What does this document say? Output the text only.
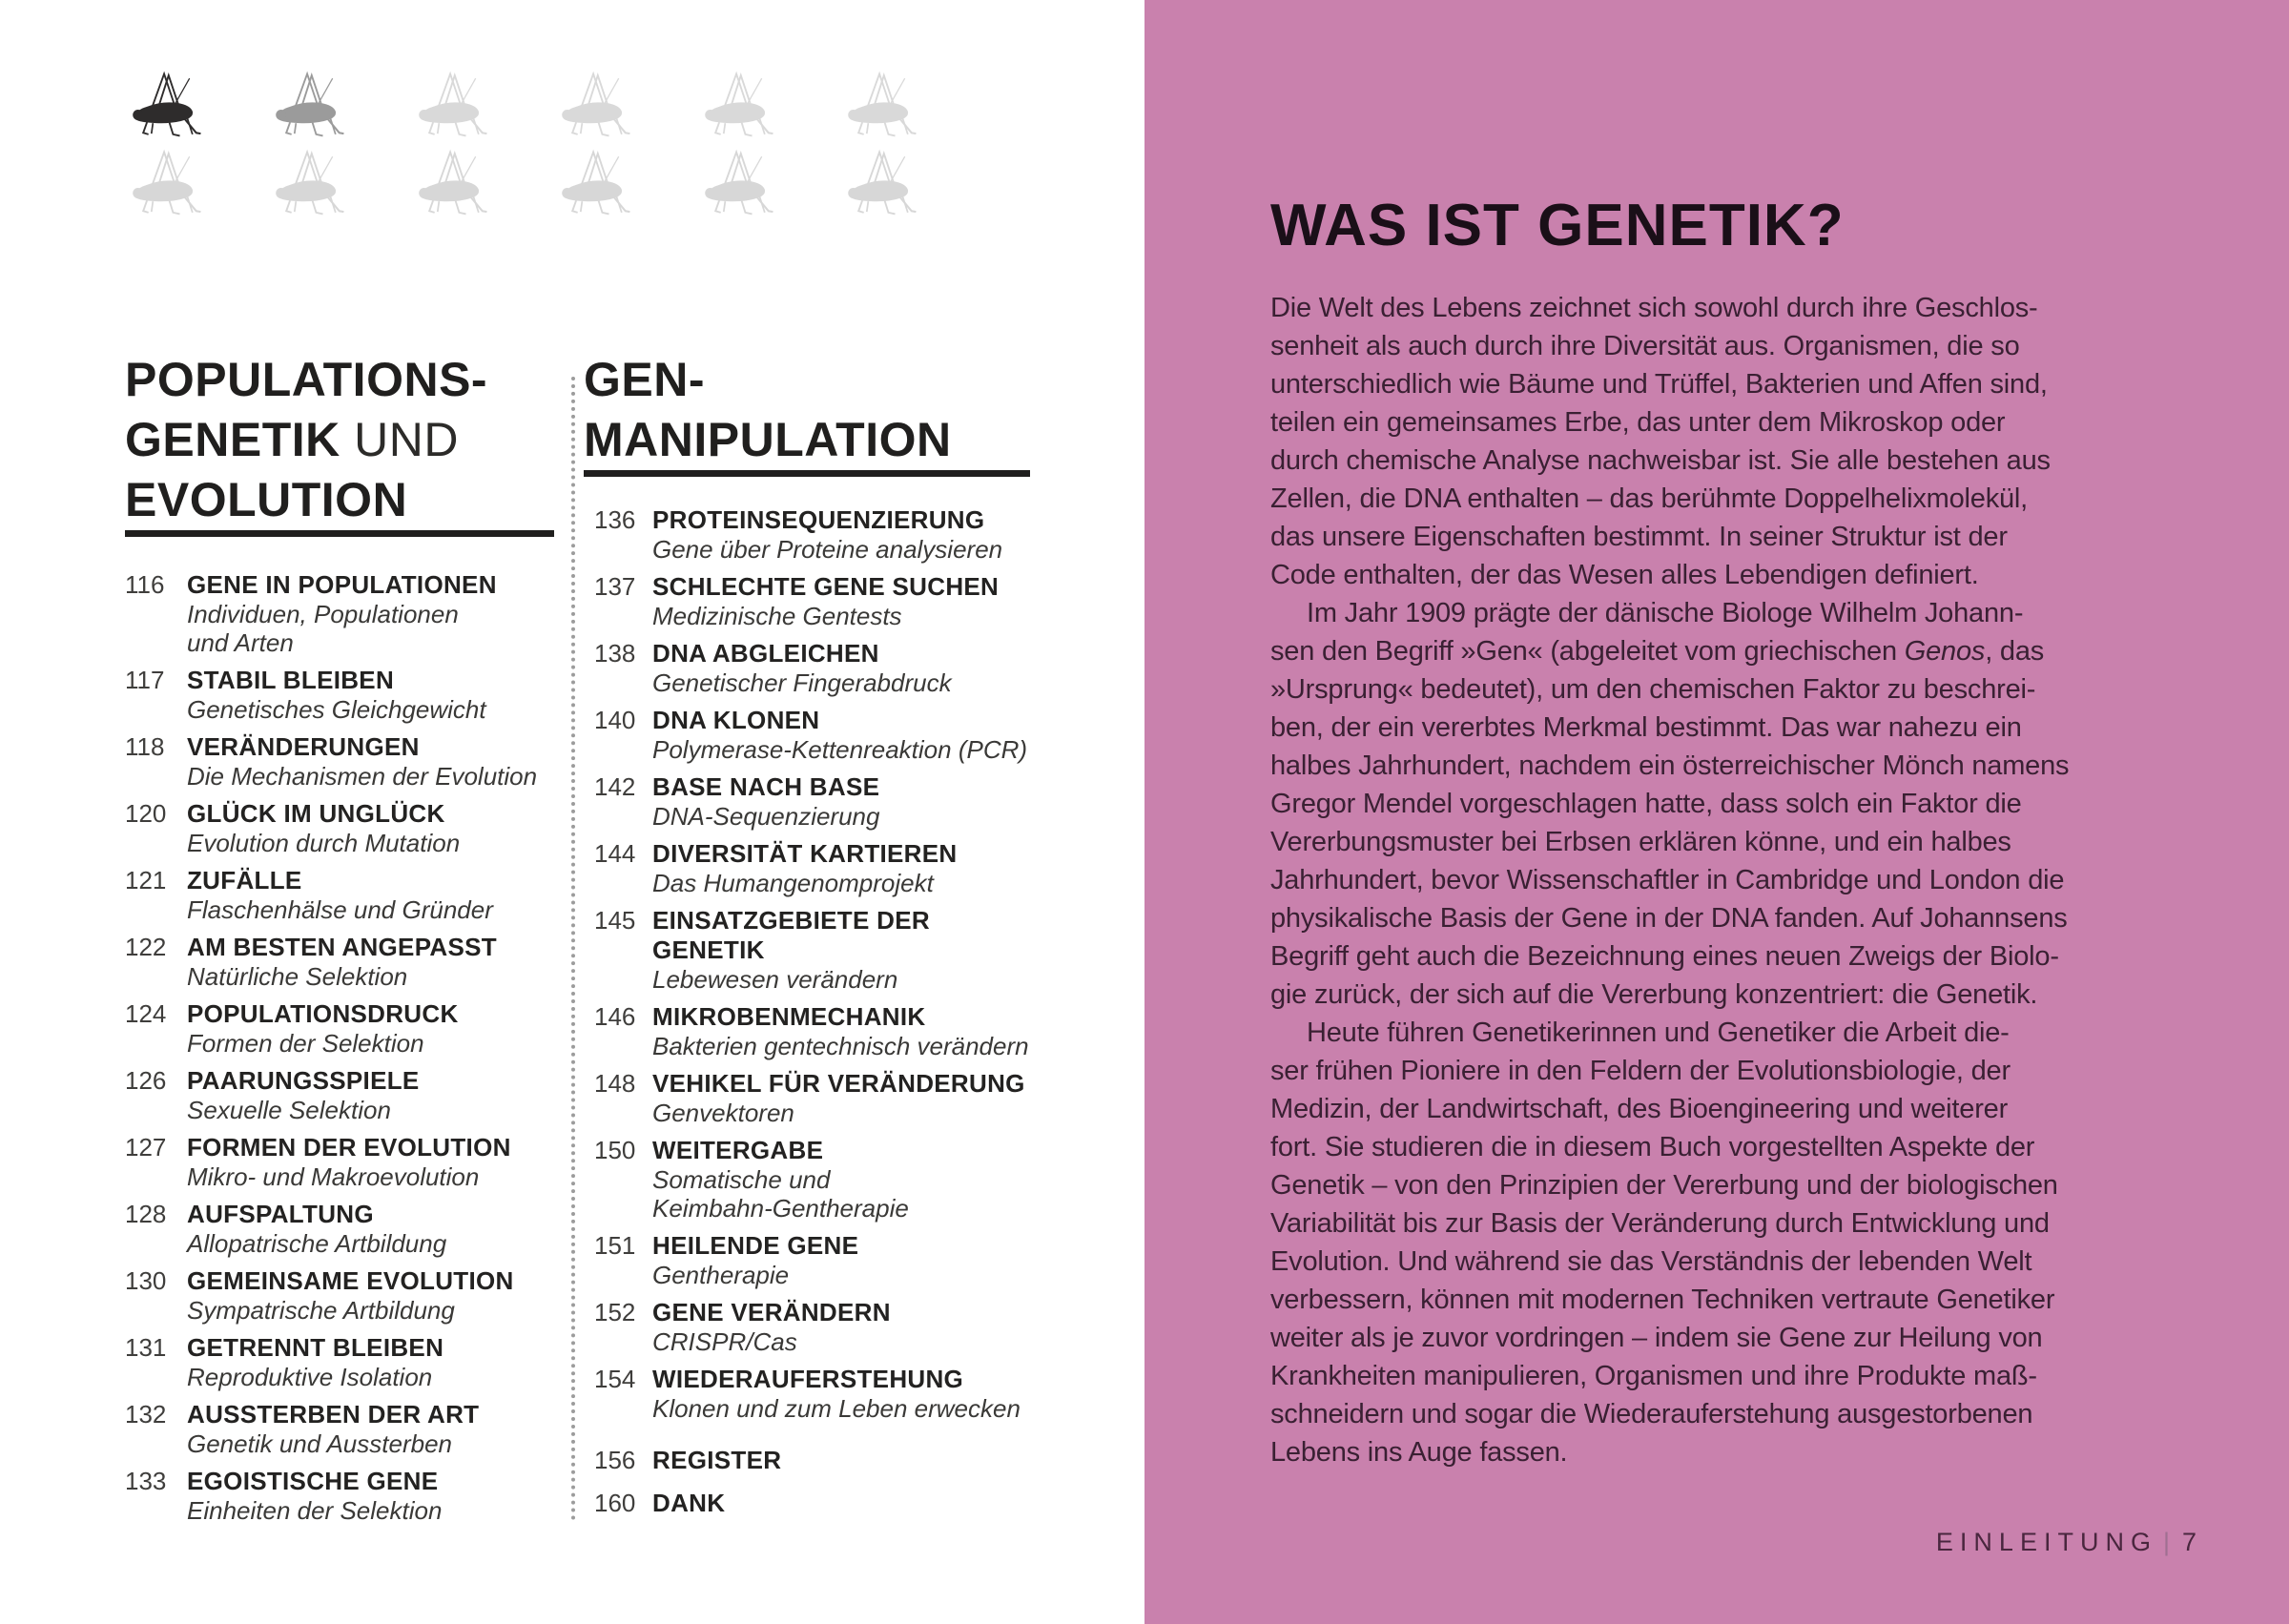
POPULATIONS-
GENETIK UND
EVOLUTION
116 GENE IN POPULATIONEN
Individuen, Populationen
und Arten
117 STABIL BLEIBEN
Genetisches Gleichgewicht
118 VERÄNDERUNGEN
Die Mechanismen der Evolution
120 GLÜCK IM UNGLÜCK
Evolution durch Mutation
121 ZUFÄLLE
Flaschenhälse und Gründer
122 AM BESTEN ANGEPASST
Natürliche Selektion
124 POPULATIONSDRUCK
Formen der Selektion
126 PAARUNGSSPIELE
Sexuelle Selektion
127 FORMEN DER EVOLUTION
Mikro- und Makroevolution
128 AUFSPALTUNG
Allopatrische Artbildung
130 GEMEINSAME EVOLUTION
Sympatrische Artbildung
131 GETRENNT BLEIBEN
Reproduktive Isolation
132 AUSSTERBEN DER ART
Genetik und Aussterben
133 EGOISTISCHE GENE
Einheiten der Selektion
GEN-
MANIPULATION
136 PROTEINSEQUENZIERUNG
Gene über Proteine analysieren
137 SCHLECHTE GENE SUCHEN
Medizinische Gentests
138 DNA ABGLEICHEN
Genetischer Fingerabdruck
140 DNA KLONEN
Polymerase-Kettenreaktion (PCR)
142 BASE NACH BASE
DNA-Sequenzierung
144 DIVERSITÄT KARTIEREN
Das Humangenomprojekt
145 EINSATZGEBIETE DER
GENETIK
Lebewesen verändern
146 MIKROBENMECHANIK
Bakterien gentechnisch verändern
148 VEHIKEL FÜR VERÄNDERUNG
Genvektoren
150 WEITERGABE
Somatische und
Keimbahn-Gentherapie
151 HEILENDE GENE
Gentherapie
152 GENE VERÄNDERN
CRISPR/Cas
154 WIEDERAUFERSTEHUNG
Klonen und zum Leben erwecken
156 REGISTER
160 DANK
WAS IST GENETIK?
Die Welt des Lebens zeichnet sich sowohl durch ihre Geschlos-
senheit als auch durch ihre Diversität aus. Organismen, die so
unterschiedlich wie Bäume und Trüffel, Bakterien und Affen sind,
teilen ein gemeinsames Erbe, das unter dem Mikroskop oder
durch chemische Analyse nachweisbar ist. Sie alle bestehen aus
Zellen, die DNA enthalten – das berühmte Doppelhelixmolekül,
das unsere Eigenschaften bestimmt. In seiner Struktur ist der
Code enthalten, der das Wesen alles Lebendigen definiert.
Im Jahr 1909 prägte der dänische Biologe Wilhelm Johann-
sen den Begriff »Gen« (abgeleitet vom griechischen Genos, das
»Ursprung« bedeutet), um den chemischen Faktor zu beschrei-
ben, der ein vererbtes Merkmal bestimmt. Das war nahezu ein
halbes Jahrhundert, nachdem ein österreichischer Mönch namens
Gregor Mendel vorgeschlagen hatte, dass solch ein Faktor die
Vererbungsmuster bei Erbsen erklären könne, und ein halbes
Jahrhundert, bevor Wissenschaftler in Cambridge und London die
physikalische Basis der Gene in der DNA fanden. Auf Johannsens
Begriff geht auch die Bezeichnung eines neuen Zweigs der Biolo-
gie zurück, der sich auf die Vererbung konzentriert: die Genetik.
Heute führen Genetikerinnen und Genetiker die Arbeit die-
ser frühen Pioniere in den Feldern der Evolutionsbiologie, der
Medizin, der Landwirtschaft, des Bioengineering und weiterer
fort. Sie studieren die in diesem Buch vorgestellten Aspekte der
Genetik – von den Prinzipien der Vererbung und der biologischen
Variabilität bis zur Basis der Veränderung durch Entwicklung und
Evolution. Und während sie das Verständnis der lebenden Welt
verbessern, können mit modernen Techniken vertraute Genetiker
weiter als je zuvor vordringen – indem sie Gene zur Heilung von
Krankheiten manipulieren, Organismen und ihre Produkte maß-
schneidern und sogar die Wiederauferstehung ausgestorbenen
Lebens ins Auge fassen.
EINLEITUNG | 7
